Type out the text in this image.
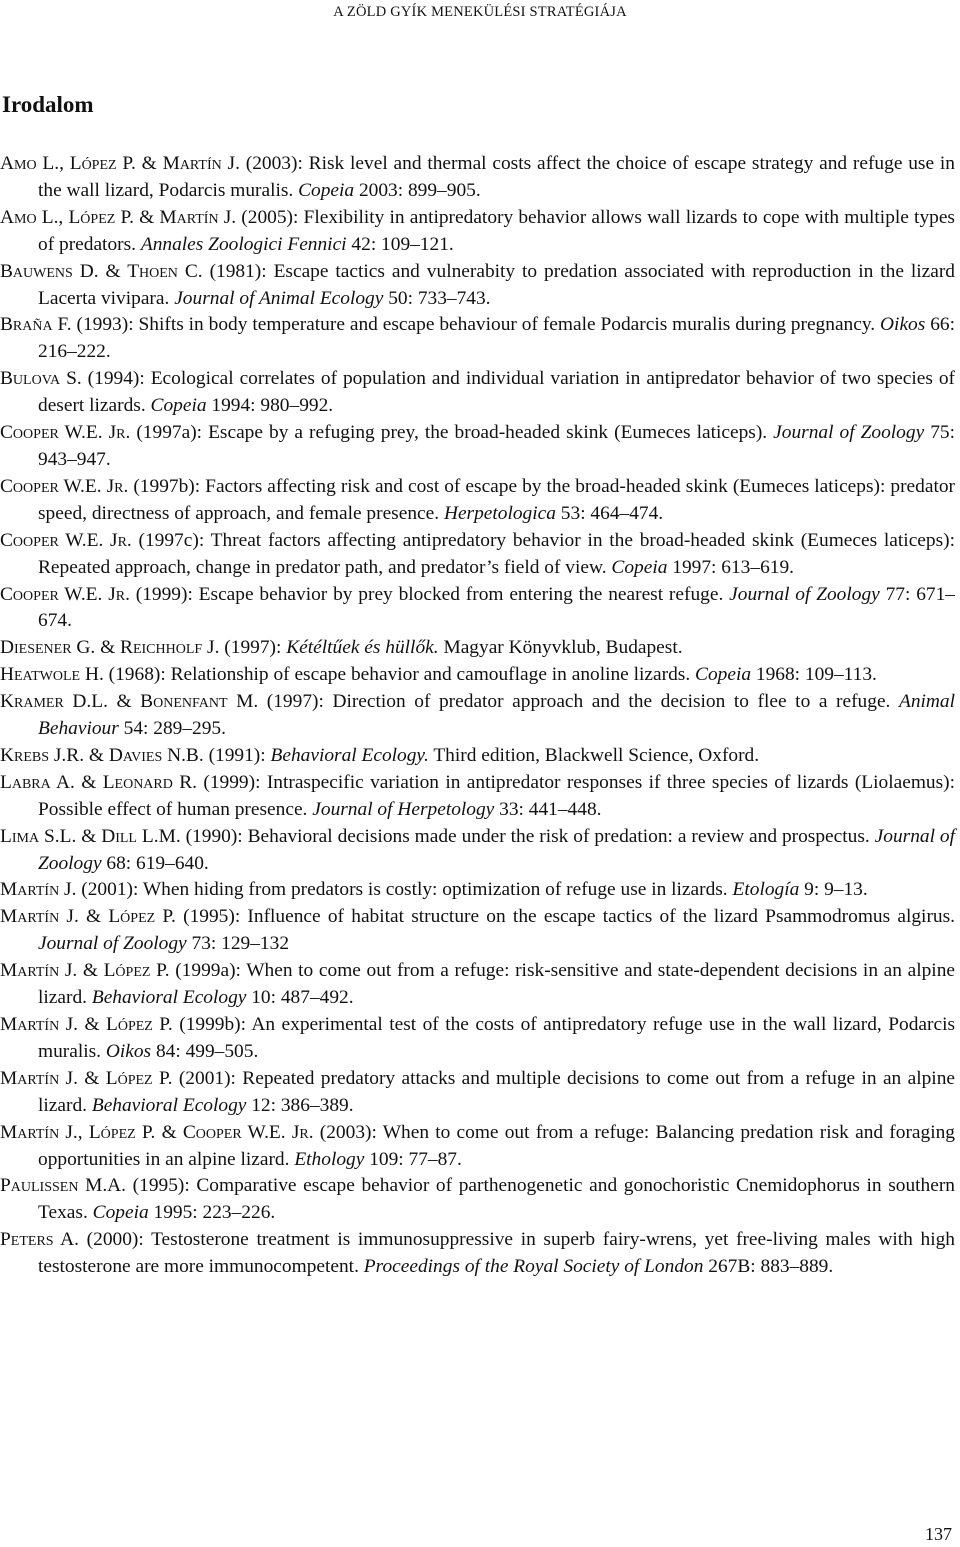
A ZÖLD GYÍK MENEKÜLÉSI STRATÉGIÁJA
Irodalom
Amo L., López P. & Martín J. (2003): Risk level and thermal costs affect the choice of escape strategy and refuge use in the wall lizard, Podarcis muralis. Copeia 2003: 899–905.
Amo L., López P. & Martín J. (2005): Flexibility in antipredatory behavior allows wall lizards to cope with multiple types of predators. Annales Zoologici Fennici 42: 109–121.
Bauwens D. & Thoen C. (1981): Escape tactics and vulnerabity to predation associated with reproduction in the lizard Lacerta vivipara. Journal of Animal Ecology 50: 733–743.
Braña F. (1993): Shifts in body temperature and escape behaviour of female Podarcis muralis during pregnancy. Oikos 66: 216–222.
Bulova S. (1994): Ecological correlates of population and individual variation in antipredator behavior of two species of desert lizards. Copeia 1994: 980–992.
Cooper W.E. Jr. (1997a): Escape by a refuging prey, the broad-headed skink (Eumeces laticeps). Journal of Zoology 75: 943–947.
Cooper W.E. Jr. (1997b): Factors affecting risk and cost of escape by the broad-headed skink (Eumeces laticeps): predator speed, directness of approach, and female presence. Herpetologica 53: 464–474.
Cooper W.E. Jr. (1997c): Threat factors affecting antipredatory behavior in the broad-headed skink (Eumeces laticeps): Repeated approach, change in predator path, and predator’s field of view. Copeia 1997: 613–619.
Cooper W.E. Jr. (1999): Escape behavior by prey blocked from entering the nearest refuge. Journal of Zoology 77: 671–674.
Diesener G. & Reichholf J. (1997): Kétéltűek és hüllők. Magyar Könyvklub, Budapest.
Heatwole H. (1968): Relationship of escape behavior and camouflage in anoline lizards. Copeia 1968: 109–113.
Kramer D.L. & Bonenfant M. (1997): Direction of predator approach and the decision to flee to a refuge. Animal Behaviour 54: 289–295.
Krebs J.R. & Davies N.B. (1991): Behavioral Ecology. Third edition, Blackwell Science, Oxford.
Labra A. & Leonard R. (1999): Intraspecific variation in antipredator responses if three species of lizards (Liolaemus): Possible effect of human presence. Journal of Herpetology 33: 441–448.
Lima S.L. & Dill L.M. (1990): Behavioral decisions made under the risk of predation: a review and prospectus. Journal of Zoology 68: 619–640.
Martín J. (2001): When hiding from predators is costly: optimization of refuge use in lizards. Etología 9: 9–13.
Martín J. & López P. (1995): Influence of habitat structure on the escape tactics of the lizard Psammodromus algirus. Journal of Zoology 73: 129–132
Martín J. & López P. (1999a): When to come out from a refuge: risk-sensitive and state-dependent decisions in an alpine lizard. Behavioral Ecology 10: 487–492.
Martín J. & López P. (1999b): An experimental test of the costs of antipredatory refuge use in the wall lizard, Podarcis muralis. Oikos 84: 499–505.
Martín J. & López P. (2001): Repeated predatory attacks and multiple decisions to come out from a refuge in an alpine lizard. Behavioral Ecology 12: 386–389.
Martín J., López P. & Cooper W.E. Jr. (2003): When to come out from a refuge: Balancing predation risk and foraging opportunities in an alpine lizard. Ethology 109: 77–87.
Paulissen M.A. (1995): Comparative escape behavior of parthenogenetic and gonochoristic Cnemidophorus in southern Texas. Copeia 1995: 223–226.
Peters A. (2000): Testosterone treatment is immunosuppressive in superb fairy-wrens, yet free-living males with high testosterone are more immunocompetent. Proceedings of the Royal Society of London 267B: 883–889.
137
